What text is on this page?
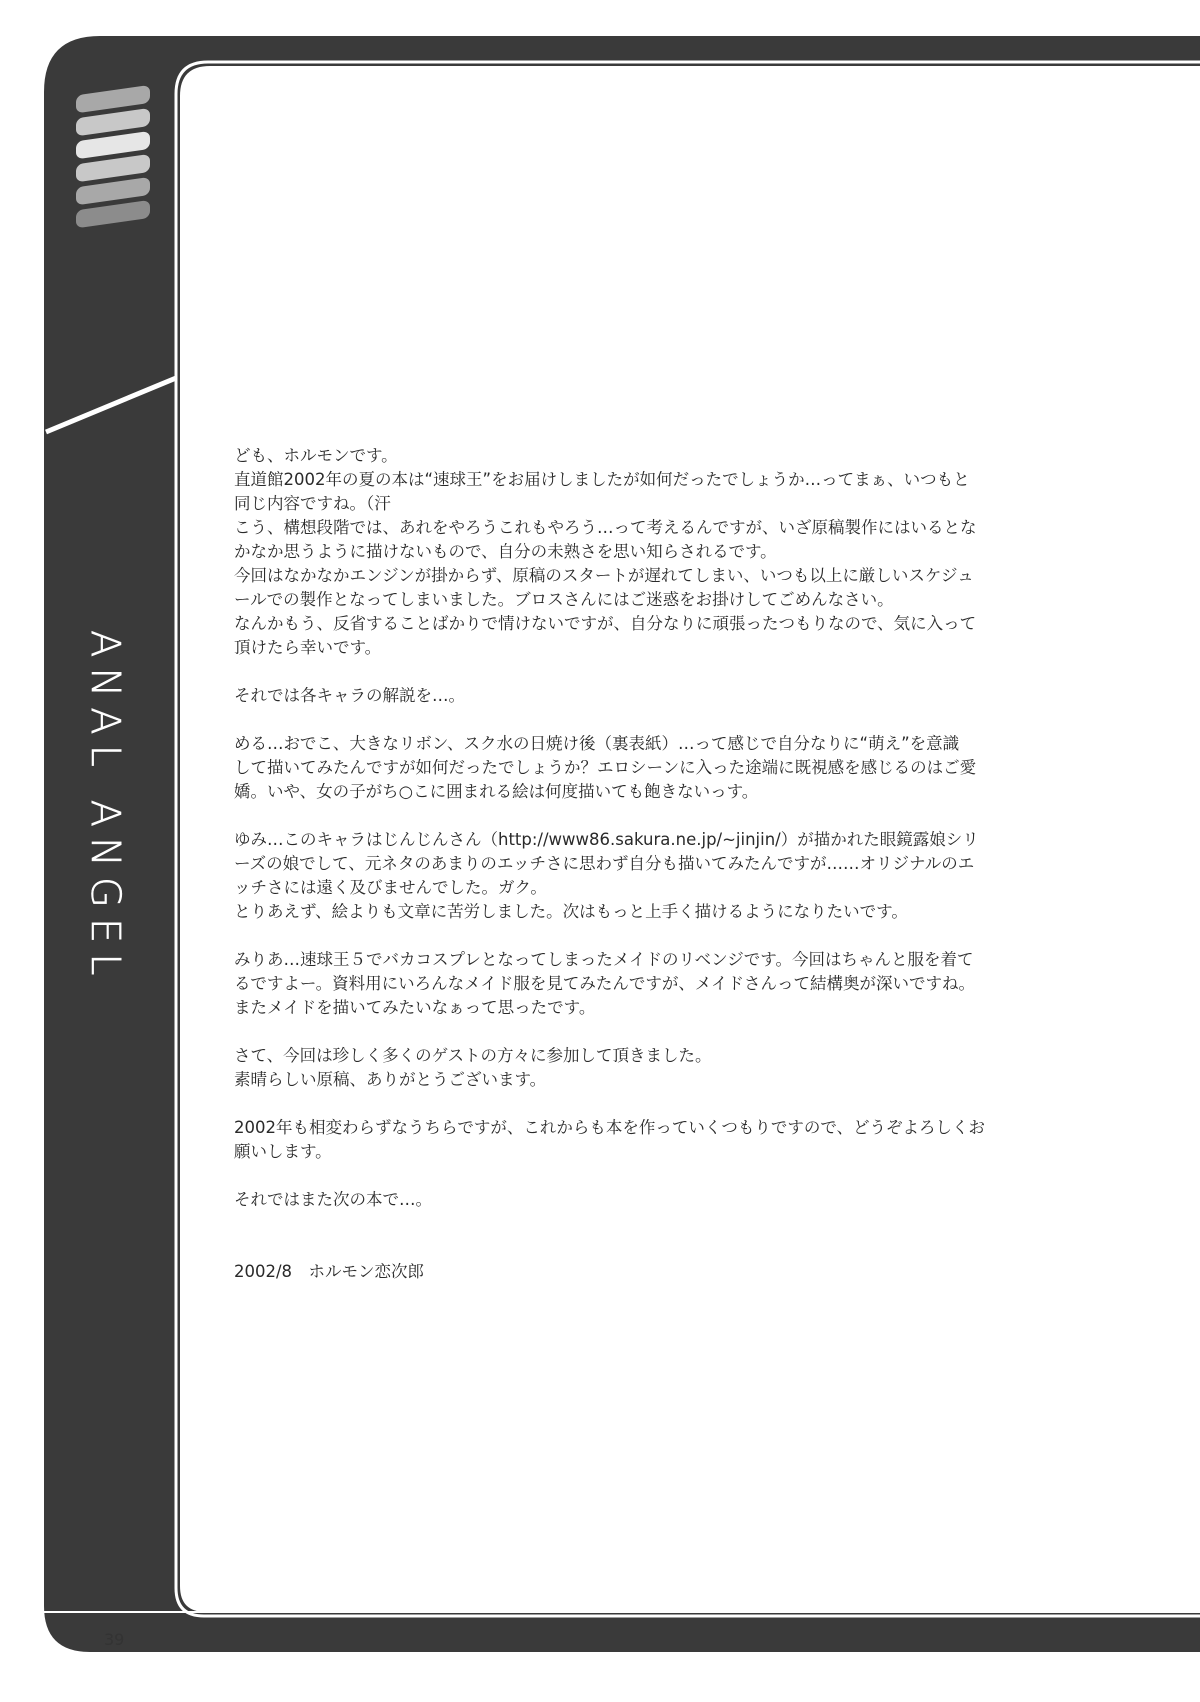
ANAL ANGEL
ども、ホルモンです。
直道館2002年の夏の本は“速球王”をお届けしましたが如何だったでしょうか…ってまぁ、いつもと
同じ内容ですね。（汗
こう、構想段階では、あれをやろうこれもやろう…って考えるんですが、いざ原稿製作にはいるとな
かなか思うように描けないもので、自分の未熟さを思い知らされるです。
今回はなかなかエンジンが掛からず、原稿のスタートが遅れてしまい、いつも以上に厳しいスケジュ
ールでの製作となってしまいました。ブロスさんにはご迷惑をお掛けしてごめんなさい。
なんかもう、反省することばかりで情けないですが、自分なりに頑張ったつもりなので、気に入って
頂けたら幸いです。
それでは各キャラの解説を…。
める…おでこ、大きなリボン、スク水の日焼け後（裏表紙）…って感じで自分なりに“萌え”を意識
して描いてみたんですが如何だったでしょうか？エロシーンに入った途端に既視感を感じるのはご愛
嬌。いや、女の子がち○こに囲まれる絵は何度描いても飽きないっす。
ゆみ…このキャラはじんじんさん（http://www86.sakura.ne.jp/~jinjin/）が描かれた眼鏡露娘シリ
ーズの娘でして、元ネタのあまりのエッチさに思わず自分も描いてみたんですが……オリジナルのエ
ッチさには遠く及びませんでした。ガク。
とりあえず、絵よりも文章に苦労しました。次はもっと上手く描けるようになりたいです。
みりあ…速球王５でバカコスプレとなってしまったメイドのリベンジです。今回はちゃんと服を着て
るですよー。資料用にいろんなメイド服を見てみたんですが、メイドさんって結構奥が深いですね。
またメイドを描いてみたいなぁって思ったです。
さて、今回は珍しく多くのゲストの方々に参加して頂きました。
素晴らしい原稿、ありがとうございます。
2002年も相変わらずなうちらですが、これからも本を作っていくつもりですので、どうぞよろしくお
願いします。
それではまた次の本で…。
2002/8　ホルモン恋次郎
39
